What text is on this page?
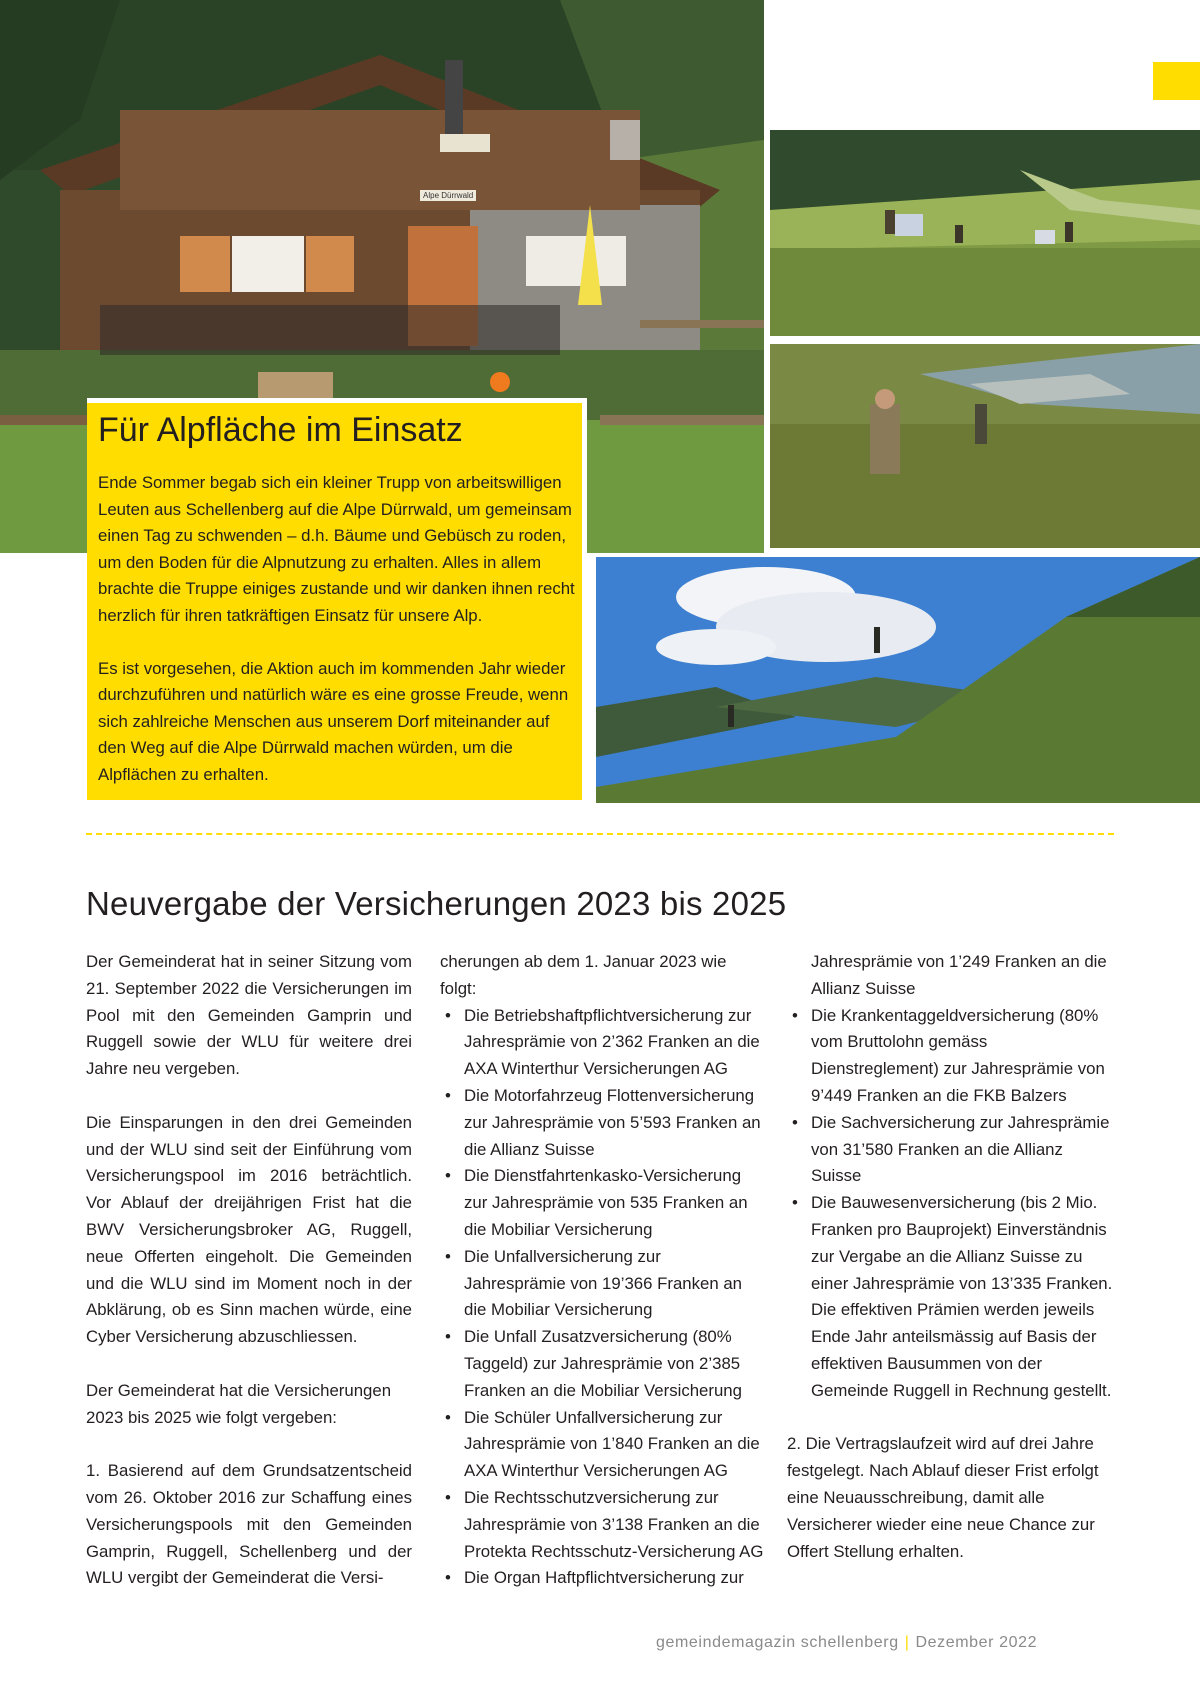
Alpe Dürrwald
Für Alpfläche im Einsatz

Ende Sommer begab sich ein kleiner Trupp von arbeitswilligen Leuten aus Schellenberg auf die Alpe Dürrwald, um gemeinsam einen Tag zu schwenden – d.h. Bäume und Gebüsch zu roden, um den Boden für die Alpnutzung zu erhalten. Alles in allem brachte die Truppe einiges zustande und wir danken ihnen recht herzlich für ihren tatkräftigen Einsatz für unsere Alp.

Es ist vorgesehen, die Aktion auch im kommenden Jahr wieder durchzuführen und natürlich wäre es eine grosse Freude, wenn sich zahlreiche Menschen aus unserem Dorf miteinander auf den Weg auf die Alpe Dürrwald machen würden, um die Alpflächen zu erhalten.

Neuvergabe der Versicherungen 2023 bis 2025

Der Gemeinderat hat in seiner Sitzung vom 21. September 2022 die Versicherungen im Pool mit den Gemeinden Gamprin und Ruggell sowie der WLU für weitere drei Jahre neu vergeben.

Die Einsparungen in den drei Gemeinden und der WLU sind seit der Einführung vom Versicherungspool im 2016 beträchtlich. Vor Ablauf der dreijährigen Frist hat die BWV Versicherungsbroker AG, Ruggell, neue Offerten eingeholt. Die Gemeinden und die WLU sind im Moment noch in der Abklärung, ob es Sinn machen würde, eine Cyber Versicherung abzuschliessen.

Der Gemeinderat hat die Versicherungen 2023 bis 2025 wie folgt vergeben:

1. Basierend auf dem Grundsatzentscheid vom 26. Oktober 2016 zur Schaffung eines Versicherungspools mit den Gemeinden Gamprin, Ruggell, Schellenberg und der WLU vergibt der Gemeinderat die Versi-

cherungen ab dem 1. Januar 2023 wie folgt:

• Die Betriebshaftpflichtversicherung zur Jahresprämie von 2’362 Franken an die AXA Winterthur Versicherungen AG
• Die Motorfahrzeug Flottenversicherung zur Jahresprämie von 5’593 Franken an die Allianz Suisse
• Die Dienstfahrtenkasko-Versicherung zur Jahresprämie von 535 Franken an die Mobiliar Versicherung
• Die Unfallversicherung zur Jahresprämie von 19’366 Franken an die Mobiliar Versicherung
• Die Unfall Zusatzversicherung (80% Taggeld) zur Jahresprämie von 2’385 Franken an die Mobiliar Versicherung
• Die Schüler Unfallversicherung zur Jahresprämie von 1’840 Franken an die AXA Winterthur Versicherungen AG
• Die Rechtsschutzversicherung zur Jahresprämie von 3’138 Franken an die Protekta Rechtsschutz-Versicherung AG
• Die Organ Haftpflichtversicherung zur

Jahresprämie von 1’249 Franken an die Allianz Suisse

• Die Krankentaggeldversicherung (80% vom Bruttolohn gemäss Dienstreglement) zur Jahresprämie von 9’449 Franken an die FKB Balzers
• Die Sachversicherung zur Jahresprämie von 31’580 Franken an die Allianz Suisse
• Die Bauwesenversicherung (bis 2 Mio. Franken pro Bauprojekt) Einverständnis zur Vergabe an die Allianz Suisse zu einer Jahresprämie von 13’335 Franken. Die effektiven Prämien werden jeweils Ende Jahr anteilsmässig auf Basis der effektiven Bausummen von der Gemeinde Ruggell in Rechnung gestellt.

2. Die Vertragslaufzeit wird auf drei Jahre festgelegt. Nach Ablauf dieser Frist erfolgt eine Neuausschreibung, damit alle Versicherer wieder eine neue Chance zur Offert Stellung erhalten.

gemeindemagazin schellenberg | Dezember 2022
